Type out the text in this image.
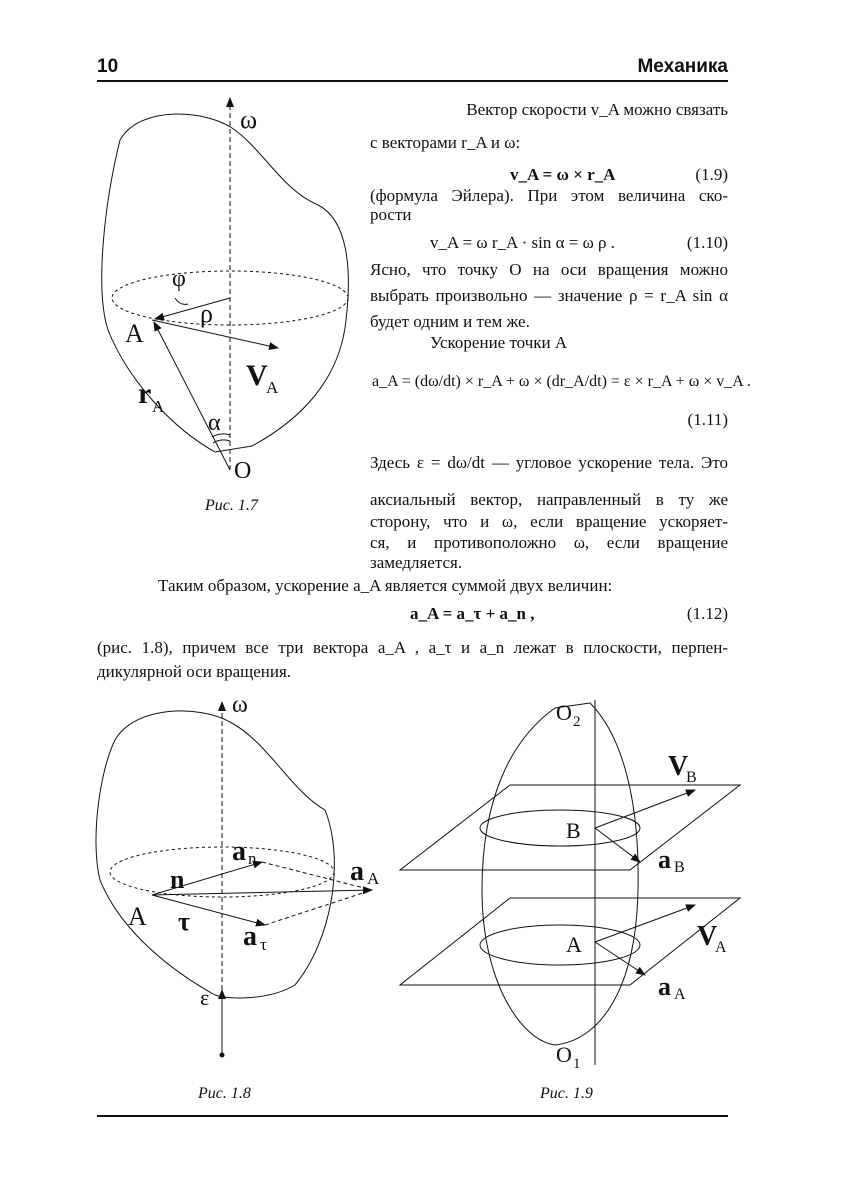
10	Механика
Вектор скорости v_A можно связать
с векторами r_A и ω:
v_A = ω × r_A	(1.9)
(формула Эйлера). При этом величина ско-
рости
v_A = ω r_A · sin α = ω ρ .	(1.10)
Ясно, что точку О на оси вращения можно
выбрать произвольно — значение ρ = r_A sin α
будет одним и тем же.
Ускорение точки А
a_A = (dω/dt) × r_A + ω × (dr_A/dt) = ε × r_A + ω × v_A .
(1.11)
Здесь ε = dω/dt — угловое ускорение тела. Это
аксиальный вектор, направленный в ту же
сторону, что и ω, если вращение ускоряет-
ся, и противоположно ω, если вращение
замедляется.
Таким образом, ускорение a_A является суммой двух величин:
a_A = a_τ + a_n ,	(1.12)
(рис. 1.8), причем все три вектора a_A , a_τ и a_n лежат в плоскости, перпен-
дикулярной оси вращения.
ω
φ
ρ
A
V
A
r A
α
O
Рис. 1.7
ω
a n
n	a A
A τ a τ
ε
Рис. 1.8
O 2
O 1
V
B
B
a B
A	V
A
a A
Рис. 1.9
